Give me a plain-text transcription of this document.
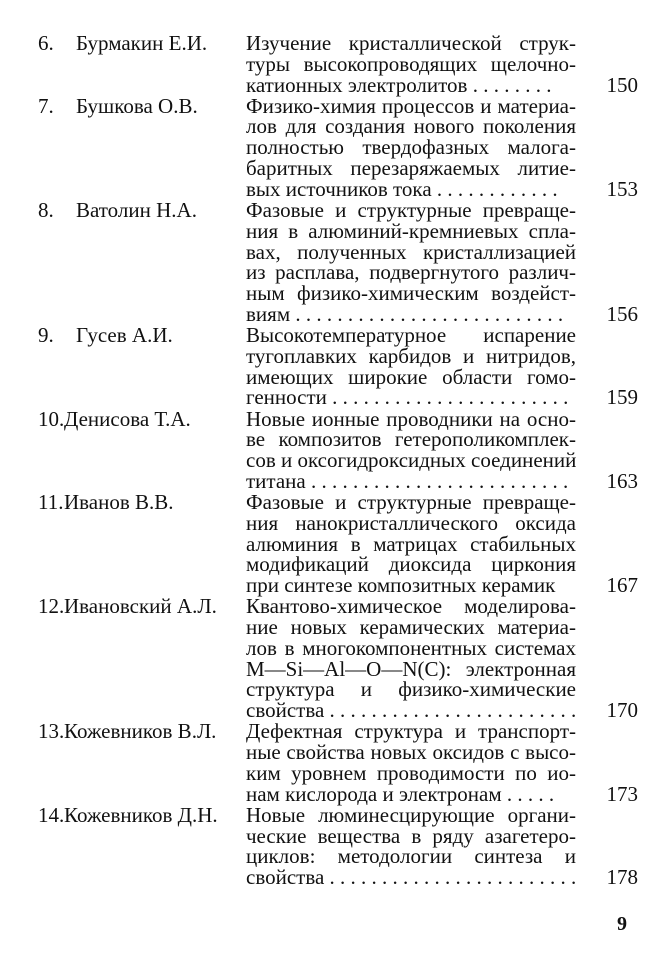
6.	Бурмакин Е.И.	Изучение кристаллической струк-
туры высокопроводящих щелочно-
катионных электролитов . . . . . . . .	150
7.	Бушкова О.В.	Физико-химия процессов и материа-
лов для создания нового поколения
полностью твердофазных малога-
баритных перезаряжаемых литие-
вых источников тока . . . . . . . . . . . .	153
8.	Ватолин Н.А.	Фазовые и структурные превраще-
ния в алюминий-кремниевых спла-
вах, полученных кристаллизацией
из расплава, подвергнутого различ-
ным физико-химическим воздейст-
виям . . . . . . . . . . . . . . . . . . . . . . . . . .	156
9.	Гусев А.И.	Высокотемпературное испарение
тугоплавких карбидов и нитридов,
имеющих широкие области гомо-
генности . . . . . . . . . . . . . . . . . . . . . . .	159
10. Денисова Т.А.	Новые ионные проводники на осно-
ве композитов гетерополикомплек-
сов и оксогидроксидных соединений
титана . . . . . . . . . . . . . . . . . . . . . . . . .	163
11. Иванов В.В.	Фазовые и структурные превраще-
ния нанокристаллического оксида
алюминия в матрицах стабильных
модификаций диоксида циркония
при синтезе композитных керамик	167
12. Ивановский А.Л.	Квантово-химическое моделирова-
ние новых керамических материа-
лов в многокомпонентных системах
M—Si—Al—O—N(C): электронная
структура и физико-химические
свойства . . . . . . . . . . . . . . . . . . . . . . . .	170
13. Кожевников В.Л.	Дефектная структура и транспорт-
ные свойства новых оксидов с высо-
ким уровнем проводимости по ио-
нам кислорода и электронам . . . . .	173
14. Кожевников Д.Н.	Новые люминесцирующие органи-
ческие вещества в ряду азагетеро-
циклов: методологии синтеза и
свойства . . . . . . . . . . . . . . . . . . . . . . . .	178
9
